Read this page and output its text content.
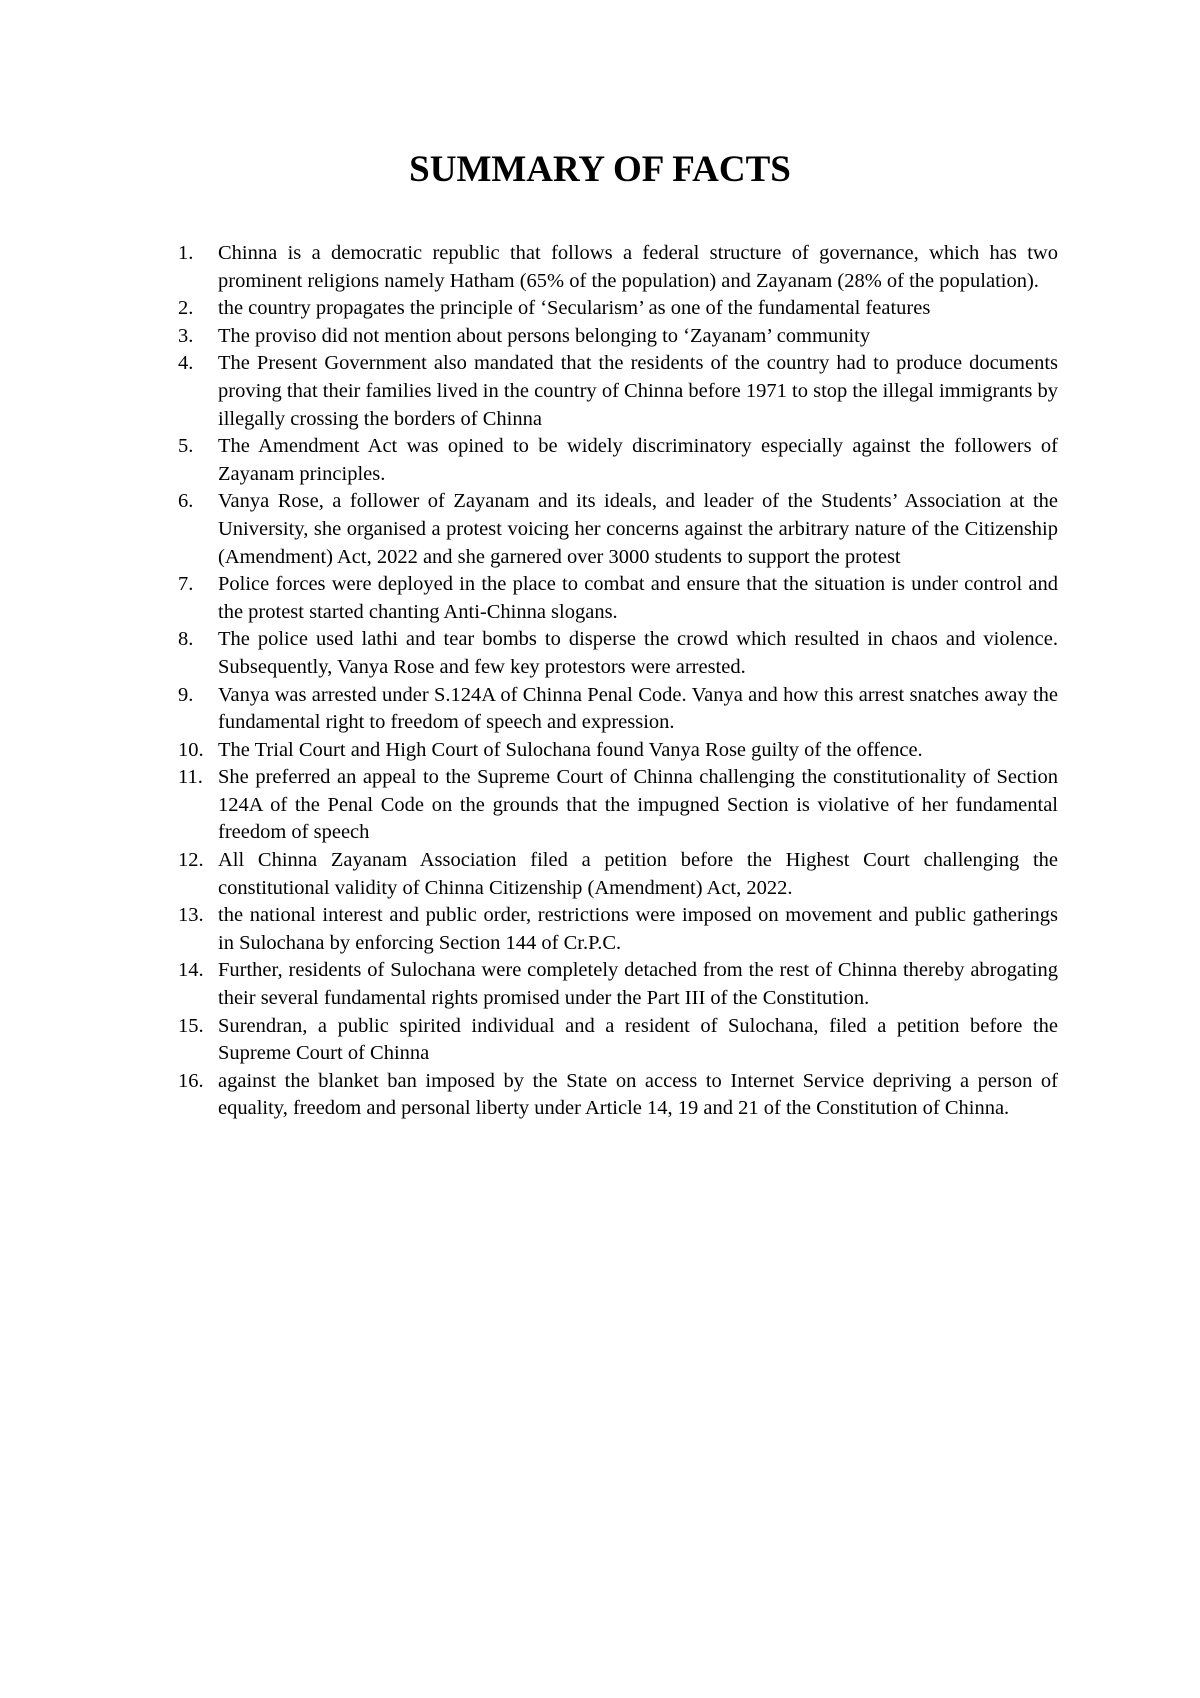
SUMMARY OF FACTS
1.	Chinna is a democratic republic that follows a federal structure of governance, which has two prominent religions namely Hatham (65% of the population) and Zayanam (28% of the population).
2.	the country propagates the principle of ‘Secularism’ as one of the fundamental features
3.	The proviso did not mention about persons belonging to ‘Zayanam’ community
4.	The Present Government also mandated that the residents of the country had to produce documents proving that their families lived in the country of Chinna before 1971 to stop the illegal immigrants by illegally crossing the borders of Chinna
5.	The Amendment Act was opined to be widely discriminatory especially against the followers of Zayanam principles.
6.	Vanya Rose, a follower of Zayanam and its ideals, and leader of the Students’ Association at the University, she organised a protest voicing her concerns against the arbitrary nature of the Citizenship (Amendment) Act, 2022 and she garnered over 3000 students to support the protest
7.	Police forces were deployed in the place to combat and ensure that the situation is under control and the protest started chanting Anti-Chinna slogans.
8.	The police used lathi and tear bombs to disperse the crowd which resulted in chaos and violence. Subsequently, Vanya Rose and few key protestors were arrested.
9.	Vanya was arrested under S.124A of Chinna Penal Code. Vanya and how this arrest snatches away the fundamental right to freedom of speech and expression.
10. The Trial Court and High Court of Sulochana found Vanya Rose guilty of the offence.
11. She preferred an appeal to the Supreme Court of Chinna challenging the constitutionality of Section 124A of the Penal Code on the grounds that the impugned Section is violative of her fundamental freedom of speech
12. All Chinna Zayanam Association filed a petition before the Highest Court challenging the constitutional validity of Chinna Citizenship (Amendment) Act, 2022.
13. the national interest and public order, restrictions were imposed on movement and public gatherings in Sulochana by enforcing Section 144 of Cr.P.C.
14. Further, residents of Sulochana were completely detached from the rest of Chinna thereby abrogating their several fundamental rights promised under the Part III of the Constitution.
15. Surendran, a public spirited individual and a resident of Sulochana, filed a petition before the Supreme Court of Chinna
16. against the blanket ban imposed by the State on access to Internet Service depriving a person of equality, freedom and personal liberty under Article 14, 19 and 21 of the Constitution of Chinna.
